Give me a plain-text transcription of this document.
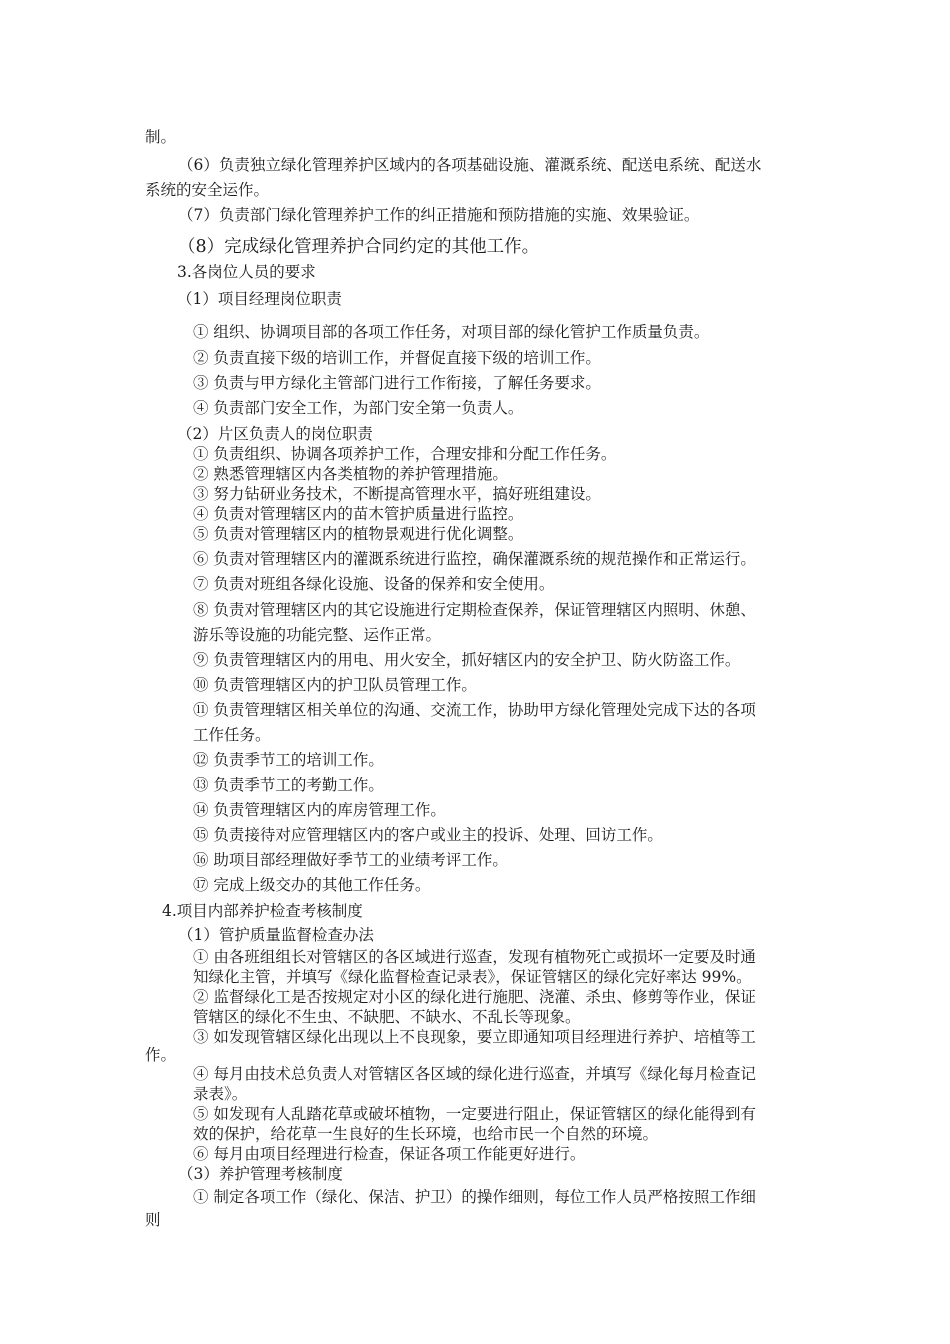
制。
（6）负责独立绿化管理养护区域内的各项基础设施、灌溉系统、配送电系统、配送水
系统的安全运作。
（7）负责部门绿化管理养护工作的纠正措施和预防措施的实施、效果验证。
（8）完成绿化管理养护合同约定的其他工作。
3.各岗位人员的要求
（1）项目经理岗位职责
① 组织、协调项目部的各项工作任务，对项目部的绿化管护工作质量负责。
② 负责直接下级的培训工作，并督促直接下级的培训工作。
③ 负责与甲方绿化主管部门进行工作衔接，了解任务要求。
④ 负责部门安全工作，为部门安全第一负责人。
（2）片区负责人的岗位职责
① 负责组织、协调各项养护工作，合理安排和分配工作任务。
② 熟悉管理辖区内各类植物的养护管理措施。
③ 努力钻研业务技术，不断提高管理水平，搞好班组建设。
④ 负责对管理辖区内的苗木管护质量进行监控。
⑤ 负责对管理辖区内的植物景观进行优化调整。
⑥ 负责对管理辖区内的灌溉系统进行监控，确保灌溉系统的规范操作和正常运行。
⑦ 负责对班组各绿化设施、设备的保养和安全使用。
⑧ 负责对管理辖区内的其它设施进行定期检查保养，保证管理辖区内照明、休憩、
游乐等设施的功能完整、运作正常。
⑨ 负责管理辖区内的用电、用火安全，抓好辖区内的安全护卫、防火防盗工作。
⑩ 负责管理辖区内的护卫队员管理工作。
⑪ 负责管理辖区相关单位的沟通、交流工作，协助甲方绿化管理处完成下达的各项
工作任务。
⑫ 负责季节工的培训工作。
⑬ 负责季节工的考勤工作。
⑭ 负责管理辖区内的库房管理工作。
⑮ 负责接待对应管理辖区内的客户或业主的投诉、处理、回访工作。
⑯ 助项目部经理做好季节工的业绩考评工作。
⑰ 完成上级交办的其他工作任务。
4.项目内部养护检查考核制度
（1）管护质量监督检查办法
① 由各班组组长对管辖区的各区域进行巡查，发现有植物死亡或损坏一定要及时通
知绿化主管，并填写《绿化监督检查记录表》，保证管辖区的绿化完好率达 99%。
② 监督绿化工是否按规定对小区的绿化进行施肥、浇灌、杀虫、修剪等作业，保证
管辖区的绿化不生虫、不缺肥、不缺水、不乱长等现象。
③ 如发现管辖区绿化出现以上不良现象，要立即通知项目经理进行养护、培植等工
作。
④ 每月由技术总负责人对管辖区各区域的绿化进行巡查，并填写《绿化每月检查记
录表》。
⑤ 如发现有人乱踏花草或破坏植物，一定要进行阻止，保证管辖区的绿化能得到有
效的保护，给花草一生良好的生长环境，也给市民一个自然的环境。
⑥ 每月由项目经理进行检查，保证各项工作能更好进行。
（3）养护管理考核制度
① 制定各项工作（绿化、保洁、护卫）的操作细则，每位工作人员严格按照工作细
则
